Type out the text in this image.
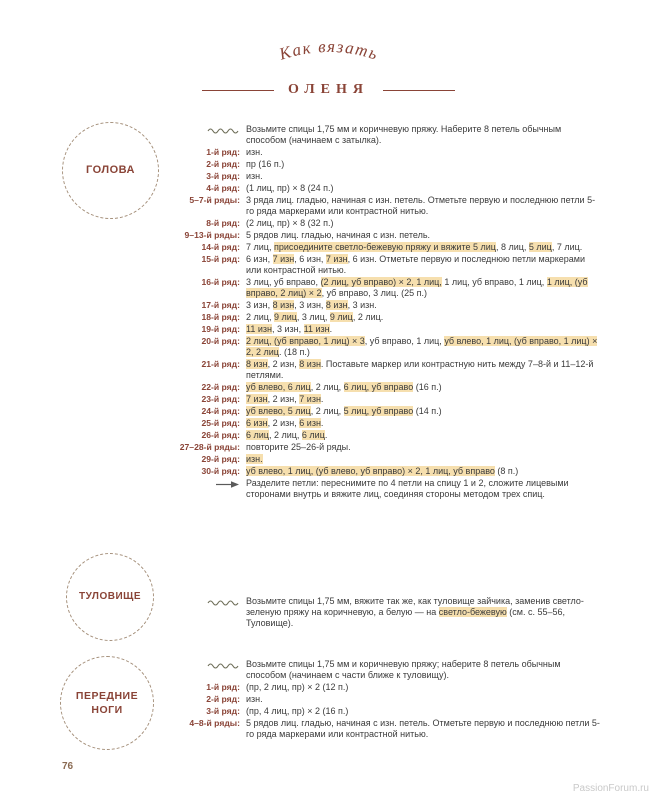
Как вязать
ОЛЕНЯ
ГОЛОВА
ТУЛОВИЩЕ
ПЕРЕДНИЕ НОГИ
Возьмите спицы 1,75 мм и коричневую пряжу. Наберите 8 петель обычным способом (начинаем с затылка).
1-й ряд: изн.
2-й ряд: пр (16 п.)
3-й ряд: изн.
4-й ряд: (1 лиц, пр) × 8 (24 п.)
5–7-й ряды: 3 ряда лиц. гладью, начиная с изн. петель. Отметьте первую и последнюю петли 5-го ряда маркерами или контрастной нитью.
8-й ряд: (2 лиц, пр) × 8 (32 п.)
9–13-й ряды: 5 рядов лиц. гладью, начиная с изн. петель.
14-й ряд: 7 лиц, присоедините светло-бежевую пряжу и вяжите 5 лиц, 8 лиц, 5 лиц, 7 лиц.
15-й ряд: 6 изн, 7 изн, 6 изн, 7 изн, 6 изн. Отметьте первую и последнюю петли маркерами или контрастной нитью.
16-й ряд: 3 лиц, уб вправо, (2 лиц, уб вправо) × 2, 1 лиц, 1 лиц, уб вправо, 1 лиц, 1 лиц, (уб вправо, 2 лиц) × 2, уб вправо, 3 лиц. (25 п.)
17-й ряд: 3 изн, 8 изн, 3 изн, 8 изн, 3 изн.
18-й ряд: 2 лиц, 9 лиц, 3 лиц, 9 лиц, 2 лиц.
19-й ряд: 11 изн, 3 изн, 11 изн.
20-й ряд: 2 лиц, (уб вправо, 1 лиц) × 3, уб вправо, 1 лиц, уб влево, 1 лиц, (уб вправо, 1 лиц) × 2, 2 лиц. (18 п.)
21-й ряд: 8 изн, 2 изн, 8 изн. Поставьте маркер или контрастную нить между 7–8-й и 11–12-й петлями.
22-й ряд: уб влево, 6 лиц, 2 лиц, 6 лиц, уб вправо (16 п.)
23-й ряд: 7 изн, 2 изн, 7 изн.
24-й ряд: уб влево, 5 лиц, 2 лиц, 5 лиц, уб вправо (14 п.)
25-й ряд: 6 изн, 2 изн, 6 изн.
26-й ряд: 6 лиц, 2 лиц, 6 лиц.
27–28-й ряды: повторите 25–26-й ряды.
29-й ряд: изн.
30-й ряд: уб влево, 1 лиц, (уб влево, уб вправо) × 2, 1 лиц, уб вправо (8 п.)
Разделите петли: переснимите по 4 петли на спицу 1 и 2, сложите лицевыми сторонами внутрь и вяжите лиц, соединяя стороны методом трех спиц.
Возьмите спицы 1,75 мм, вяжите так же, как туловище зайчика, заменив светло-зеленую пряжу на коричневую, а белую — на светло-бежевую (см. с. 55–56, Туловище).
Возьмите спицы 1,75 мм и коричневую пряжу; наберите 8 петель обычным способом (начинаем с части ближе к туловищу).
1-й ряд: (пр, 2 лиц, пр) × 2 (12 п.)
2-й ряд: изн.
3-й ряд: (пр, 4 лиц, пр) × 2 (16 п.)
4–8-й ряды: 5 рядов лиц. гладью, начиная с изн. петель. Отметьте первую и последнюю петли 5-го ряда маркерами или контрастной нитью.
76
PassionForum.ru
